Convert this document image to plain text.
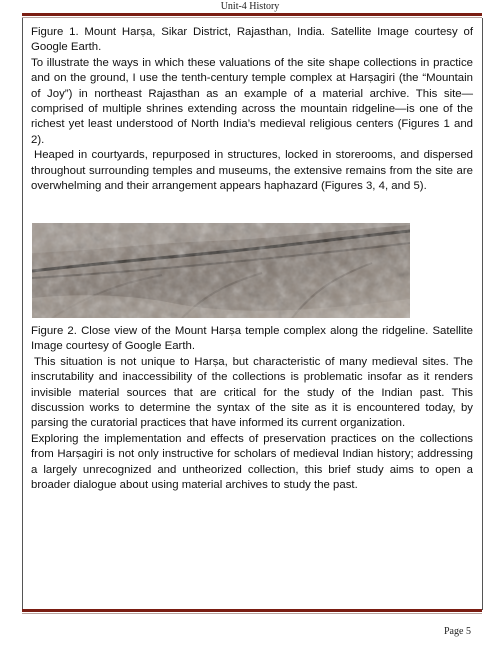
Unit-4 History
Figure 1. Mount Harṣa, Sikar District, Rajasthan, India. Satellite Image courtesy of Google Earth.
To illustrate the ways in which these valuations of the site shape collections in practice and on the ground, I use the tenth-century temple complex at Harṣagiri (the “Mountain of Joy”) in northeast Rajasthan as an example of a material archive. This site—comprised of multiple shrines extending across the mountain ridgeline—is one of the richest yet least understood of North India’s medieval religious centers (Figures 1 and 2).
Heaped in courtyards, repurposed in structures, locked in storerooms, and dispersed throughout surrounding temples and museums, the extensive remains from the site are overwhelming and their arrangement appears haphazard (Figures 3, 4, and 5).
Figure 2. Close view of the Mount Harṣa temple complex along the ridgeline. Satellite Image courtesy of Google Earth.
This situation is not unique to Harṣa, but characteristic of many medieval sites. The inscrutability and inaccessibility of the collections is problematic insofar as it renders invisible material sources that are critical for the study of the Indian past. This discussion works to determine the syntax of the site as it is encountered today, by parsing the curatorial practices that have informed its current organization.
Exploring the implementation and effects of preservation practices on the collections from Harṣagiri is not only instructive for scholars of medieval Indian history; addressing a largely unrecognized and untheorized collection, this brief study aims to open a broader dialogue about using material archives to study the past.
Page 5
